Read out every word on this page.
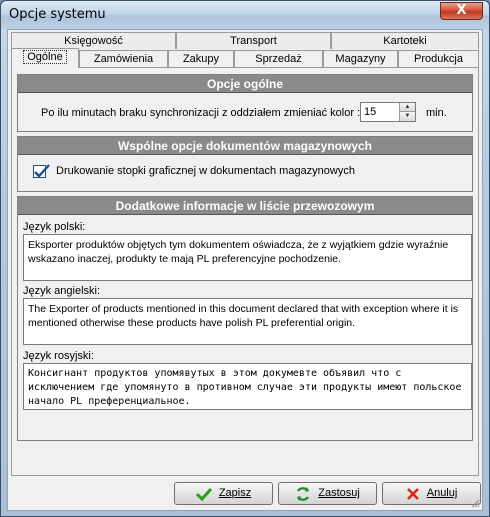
Opcje systemu	X
Księgowość	Transport	Kartoteki
Ogólne	Zamówienia	Zakupy	Sprzedaż	Magazyny	Produkcja
Opcje ogólne
Po ilu minutach braku synchronizacji z oddziałem zmieniać kolor :
15	▲
▼	min.
Wspólne opcje dokumentów magazynowych
Drukowanie stopki graficznej w dokumentach magazynowych
Dodatkowe informacje w liście przewozowym
Język polski:
Eksporter produktów objętych tym dokumentem oświadcza, że z wyjątkiem gdzie wyraźnie wskazano inaczej, produkty te mają PL preferencyjne pochodzenie.
Język angielski:
The Exporter of products mentioned in this document declared that with exception where it is mentioned otherwise these products have polish PL preferential origin.
Język rosyjski:
Консигнант продуктов упомявутых в этом докумевте объявил что с исключением где упомянуто в противном случае эти продукты имеют польское начало PL преференциальное.
Zapisz	Zastosuj	Anuluj
